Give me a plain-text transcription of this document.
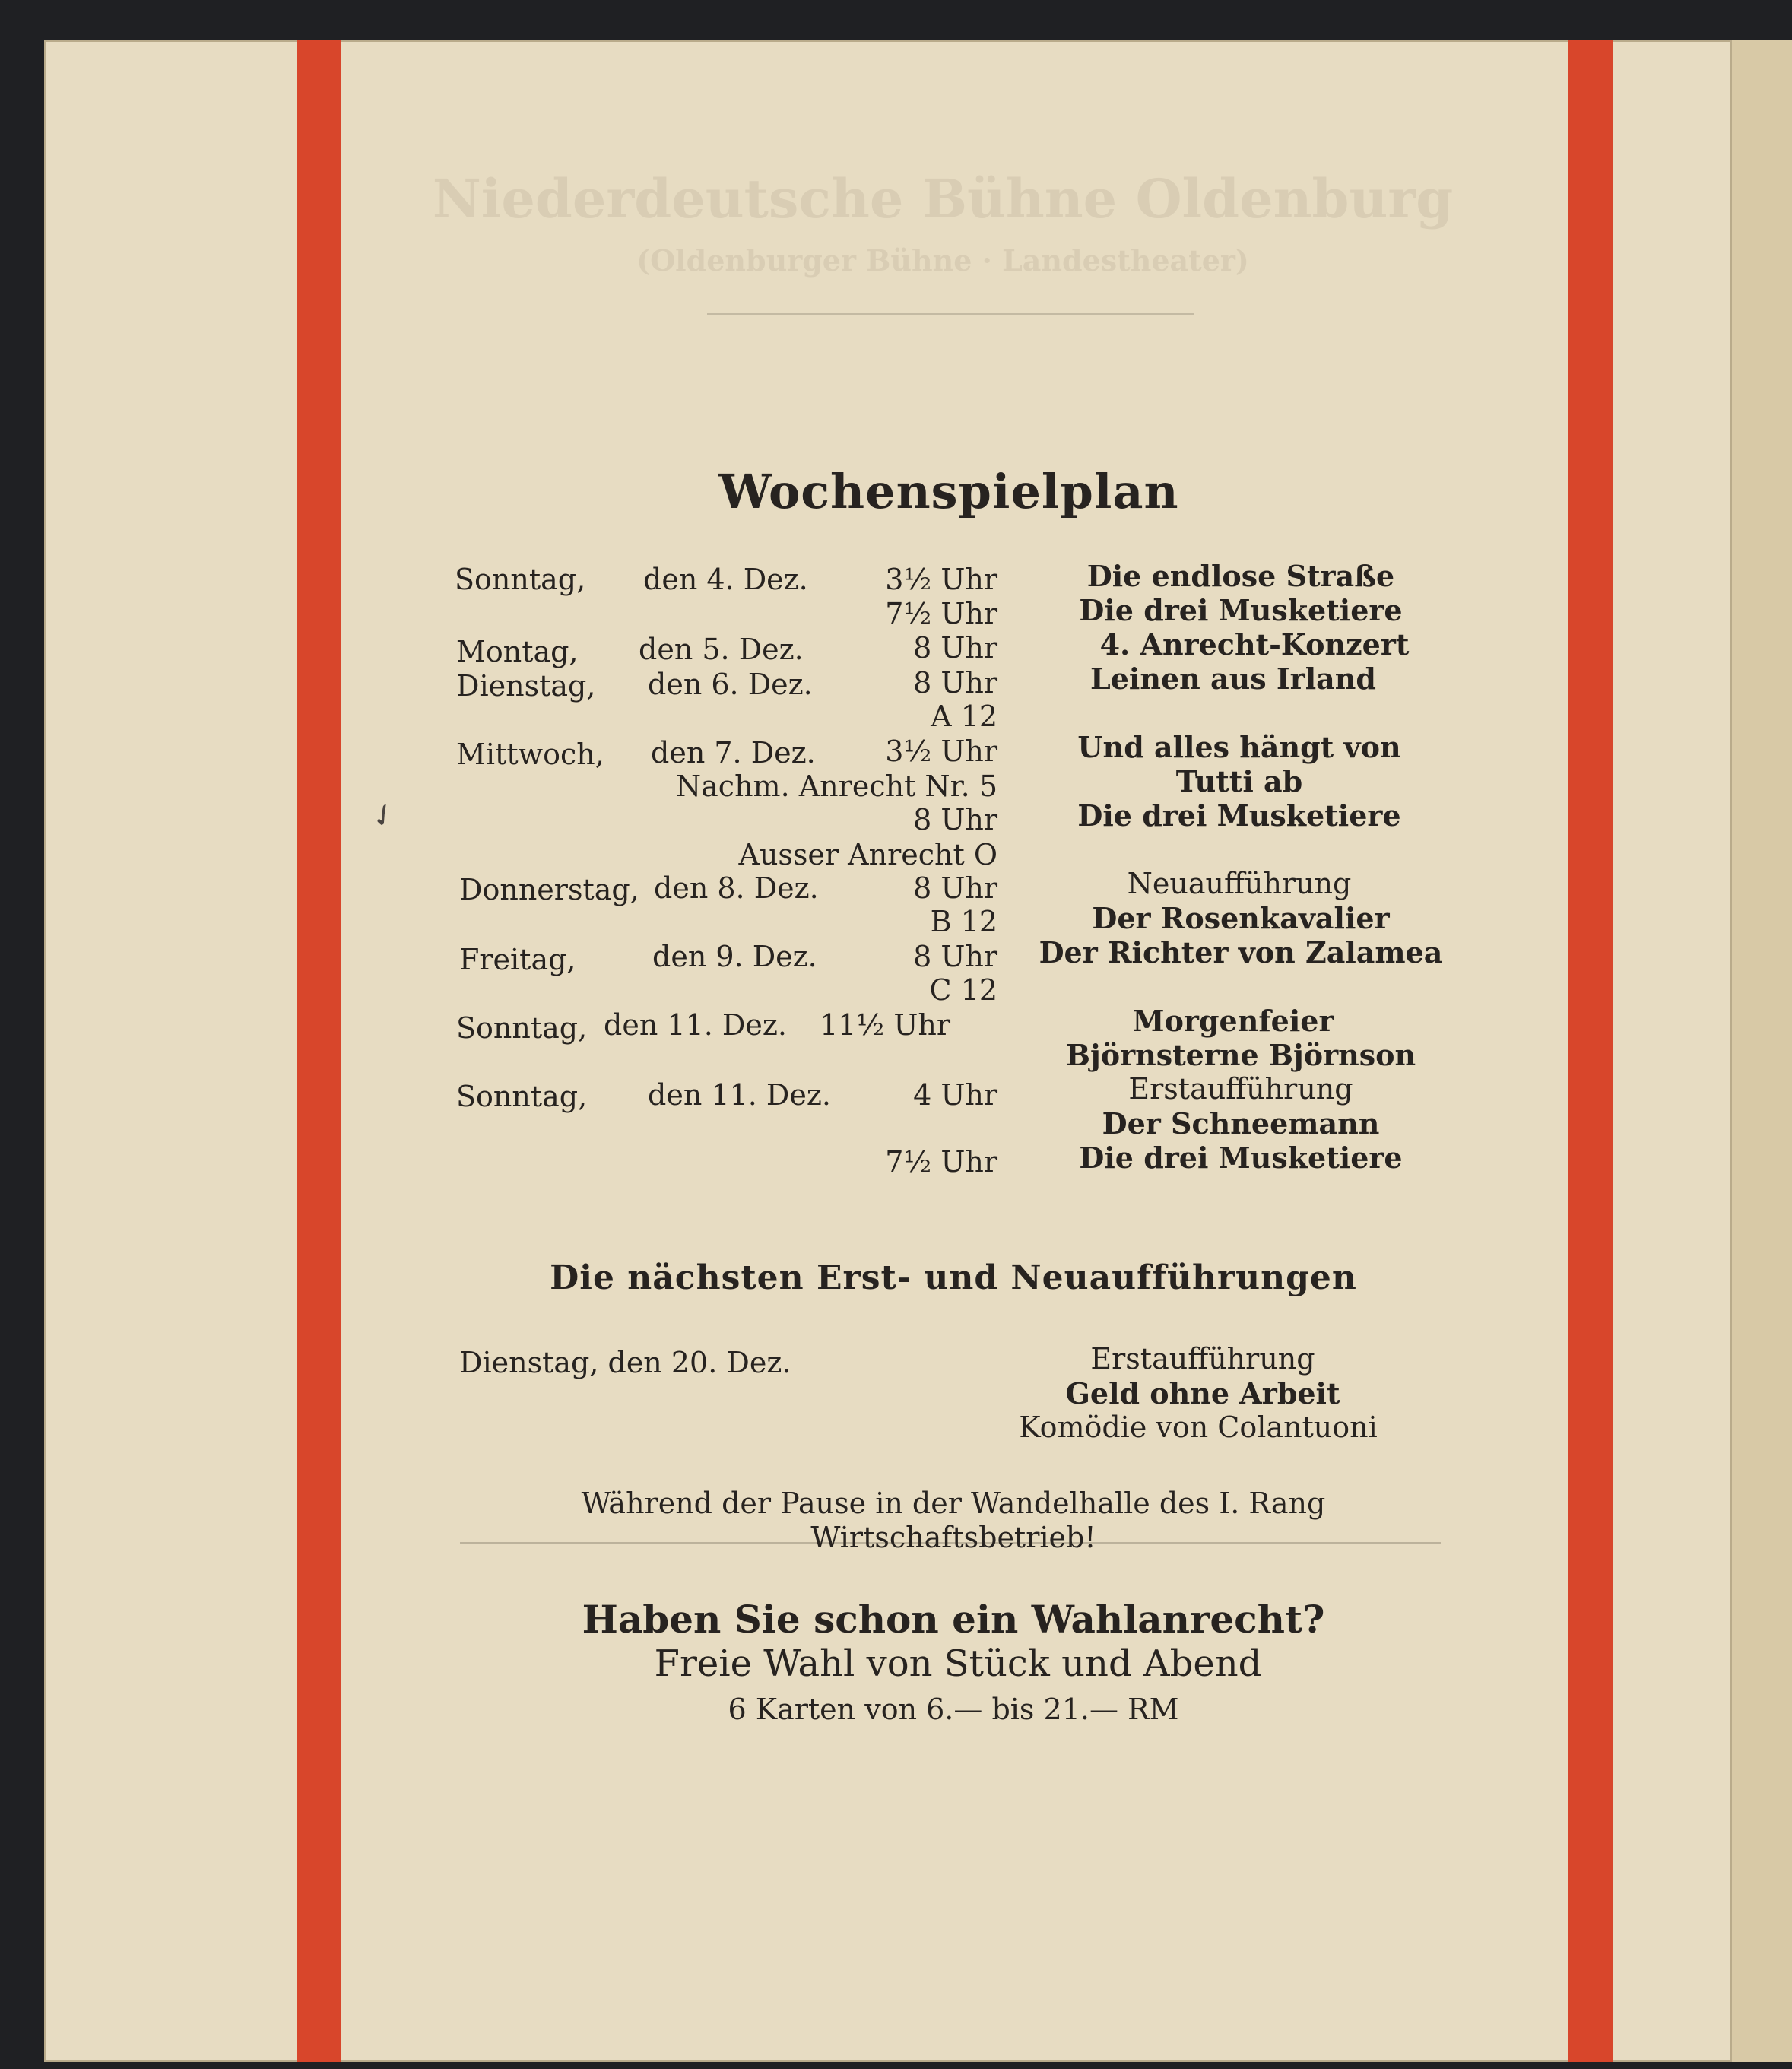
Niederdeutsche Bühne Oldenburg
(Oldenburger Bühne · Landestheater)
Wochenspielplan
Sonntag, den 4. Dez.	3½ Uhr	Die endlose Straße
7½ Uhr	Die drei Musketiere
Montag, den 5. Dez.	8 Uhr	4. Anrecht-Konzert
Dienstag, den 6. Dez.	8 Uhr	Leinen aus Irland
A 12
Mittwoch, den 7. Dez. 3½ Uhr	Und alles hängt von
Nachm. Anrecht Nr. 5	Tutti ab
8 Uhr	Die drei Musketiere
Ausser Anrecht O
Donnerstag, den 8. Dez.	8 Uhr	Neuaufführung
B 12	Der Rosenkavalier
Freitag,	den 9. Dez.	8 Uhr Der Richter von Zalamea
C 12
Sonntag, den 11. Dez. 11½ Uhr	Morgenfeier
Björnsterne Björnson
Sonntag, den 11. Dez.	4 Uhr	Erstaufführung
Der Schneemann
7½ Uhr	Die drei Musketiere
✓
Die nächsten Erst- und Neuaufführungen
Dienstag, den 20. Dez.	Erstaufführung
Geld ohne Arbeit
Komödie von Colantuoni
Während der Pause in der Wandelhalle des I. Rang
Wirtschaftsbetrieb!
Haben Sie schon ein Wahlanrecht?
Freie Wahl von Stück und Abend
6 Karten von 6.— bis 21.— RM
